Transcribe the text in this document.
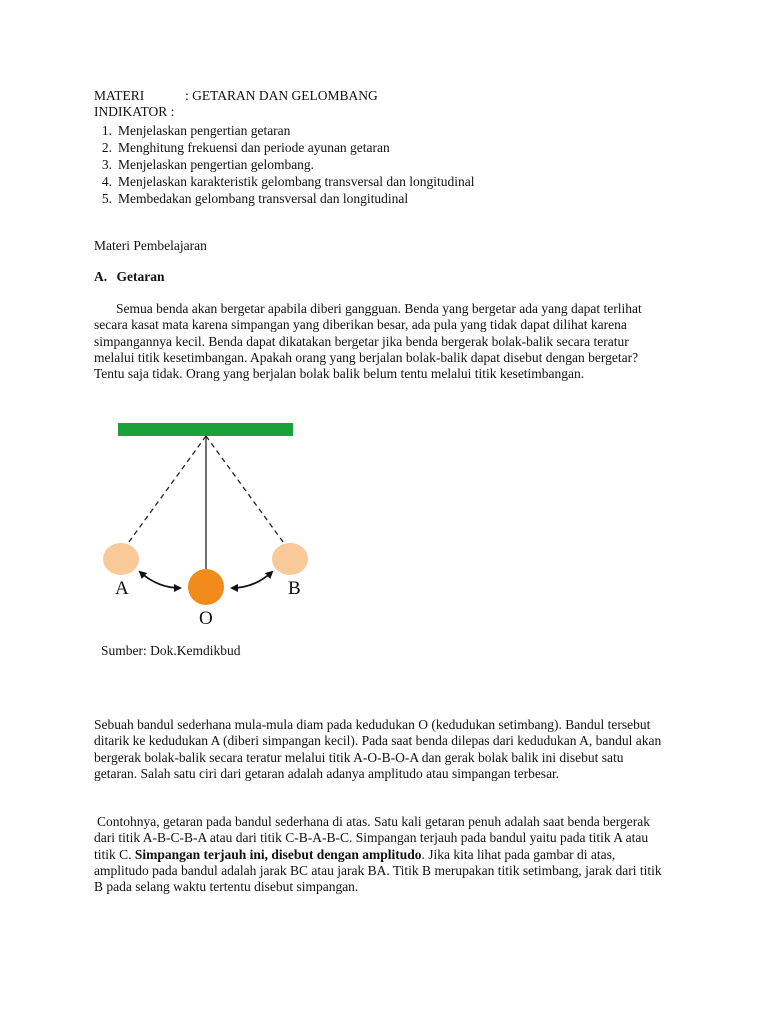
MATERI	: GETARAN DAN GELOMBANG
INDIKATOR :
1. Menjelaskan pengertian getaran
2. Menghitung frekuensi dan periode ayunan getaran
3. Menjelaskan pengertian gelombang.
4. Menjelaskan karakteristik gelombang transversal dan longitudinal
5. Membedakan gelombang transversal dan longitudinal
Materi Pembelajaran
A. Getaran

Semua benda akan bergetar apabila diberi gangguan. Benda yang bergetar ada yang dapat terlihat secara kasat mata karena simpangan yang diberikan besar, ada pula yang tidak dapat dilihat karena simpangannya kecil. Benda dapat dikatakan bergetar jika benda bergerak bolak-balik secara teratur melalui titik kesetimbangan. Apakah orang yang berjalan bolak-balik dapat disebut dengan bergetar? Tentu saja tidak. Orang yang berjalan bolak balik belum tentu melalui titik kesetimbangan.

A	B
O
Sumber: Dok.Kemdikbud

Sebuah bandul sederhana mula-mula diam pada kedudukan O (kedudukan setimbang). Bandul tersebut ditarik ke kedudukan A (diberi simpangan kecil). Pada saat benda dilepas dari kedudukan A, bandul akan bergerak bolak-balik secara teratur melalui titik A-O-B-O-A dan gerak bolak balik ini disebut satu getaran. Salah satu ciri dari getaran adalah adanya amplitudo atau simpangan terbesar.

Contohnya, getaran pada bandul sederhana di atas. Satu kali getaran penuh adalah saat benda bergerak dari titik A-B-C-B-A atau dari titik C-B-A-B-C. Simpangan terjauh pada bandul yaitu pada titik A atau titik C. Simpangan terjauh ini, disebut dengan amplitudo. Jika kita lihat pada gambar di atas, amplitudo pada bandul adalah jarak BC atau jarak BA. Titik B merupakan titik setimbang, jarak dari titik B pada selang waktu tertentu disebut simpangan.
